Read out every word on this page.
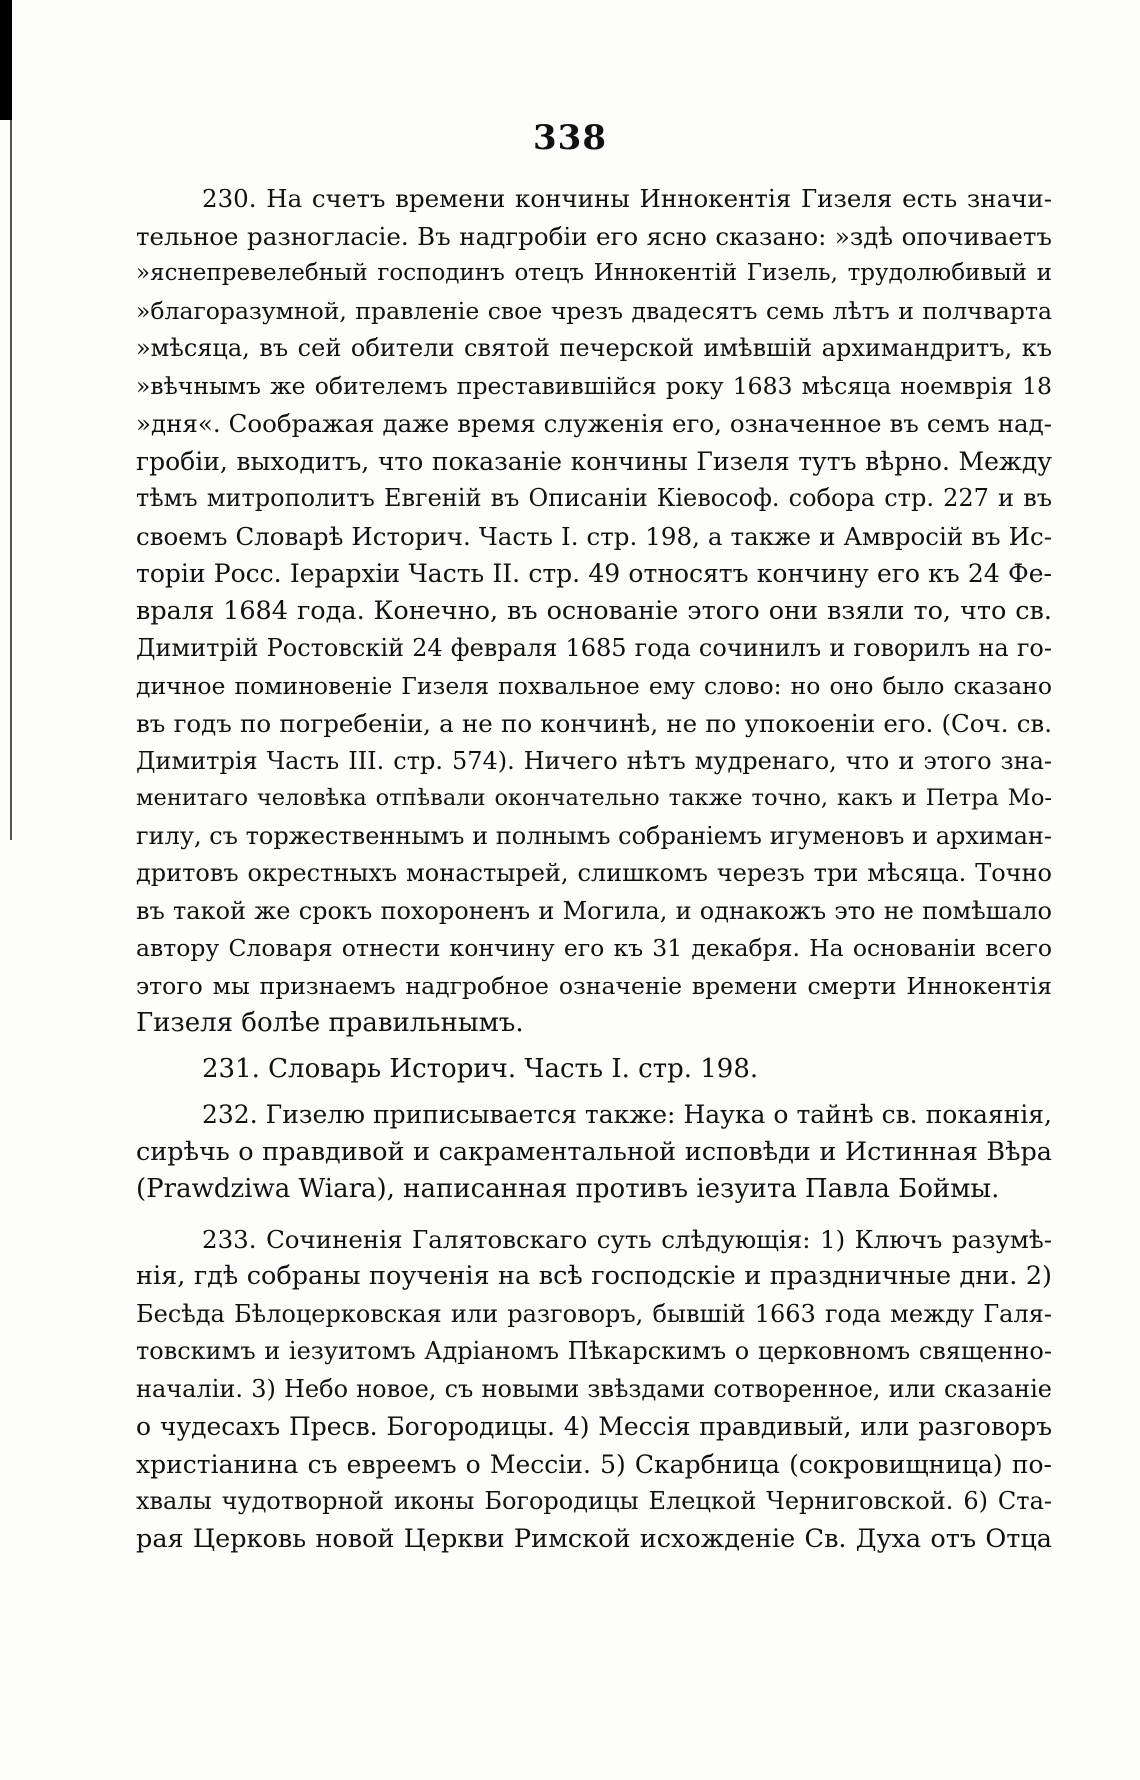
338
230. На счетъ времени кончины Иннокентія Гизеля есть значи-
тельное разногласіе. Въ надгробіи его ясно сказано: »здѣ опочиваетъ
»яснепревелебный господинъ отецъ Иннокентій Гизель, трудолюбивый и
»благоразумной, правленіе свое чрезъ двадесятъ семь лѣтъ и полчварта
»мѣсяца, въ сей обители святой печерской имѣвшій архимандритъ, къ
»вѣчнымъ же обителемъ преставившійся року 1683 мѣсяца ноемврія 18
»дня«. Соображая даже время служенія его, означенное въ семъ над-
гробіи, выходитъ, что показаніе кончины Гизеля тутъ вѣрно. Между
тѣмъ митрополитъ Евгеній въ Описаніи Кіевософ. собора стр. 227 и въ
своемъ Словарѣ Историч. Часть I. стр. 198, а также и Амвросій въ Ис-
торіи Росс. Іерархіи Часть II. стр. 49 относятъ кончину его къ 24 Фе-
враля 1684 года. Конечно, въ основаніе этого они взяли то, что св.
Димитрій Ростовскій 24 февраля 1685 года сочинилъ и говорилъ на го-
дичное поминовеніе Гизеля похвальное ему слово: но оно было сказано
въ годъ по погребеніи, а не по кончинѣ, не по упокоеніи его. (Соч. св.
Димитрія Часть III. стр. 574). Ничего нѣтъ мудренаго, что и этого зна-
менитаго человѣка отпѣвали окончательно также точно, какъ и Петра Мо-
гилу, съ торжественнымъ и полнымъ собраніемъ игуменовъ и архиман-
дритовъ окрестныхъ монастырей, слишкомъ черезъ три мѣсяца. Точно
въ такой же срокъ похороненъ и Могила, и однакожъ это не помѣшало
автору Словаря отнести кончину его къ 31 декабря. На основаніи всего
этого мы признаемъ надгробное означеніе времени смерти Иннокентія
Гизеля болѣе правильнымъ.
231. Словарь Историч. Часть I. стр. 198.
232. Гизелю приписывается также: Наука о тайнѣ св. покаянія,
сирѣчь о правдивой и сакраментальной исповѣди и Истинная Вѣра
(Prawdziwa Wiara), написанная противъ іезуита Павла Боймы.
233. Сочиненія Галятовскаго суть слѣдующія: 1) Ключъ разумѣ-
нія, гдѣ собраны поученія на всѣ господскіе и праздничные дни. 2)
Бесѣда Бѣлоцерковская или разговоръ, бывшій 1663 года между Галя-
товскимъ и іезуитомъ Адріаномъ Пѣкарскимъ о церковномъ священно-
началіи. 3) Небо новое, съ новыми звѣздами сотворенное, или сказаніе
о чудесахъ Пресв. Богородицы. 4) Мессія правдивый, или разговоръ
христіанина съ евреемъ о Мессіи. 5) Скарбница (сокровищница) по-
хвалы чудотворной иконы Богородицы Елецкой Черниговской. 6) Ста-
рая Церковь новой Церкви Римской исхожденіе Св. Духа отъ Отца
